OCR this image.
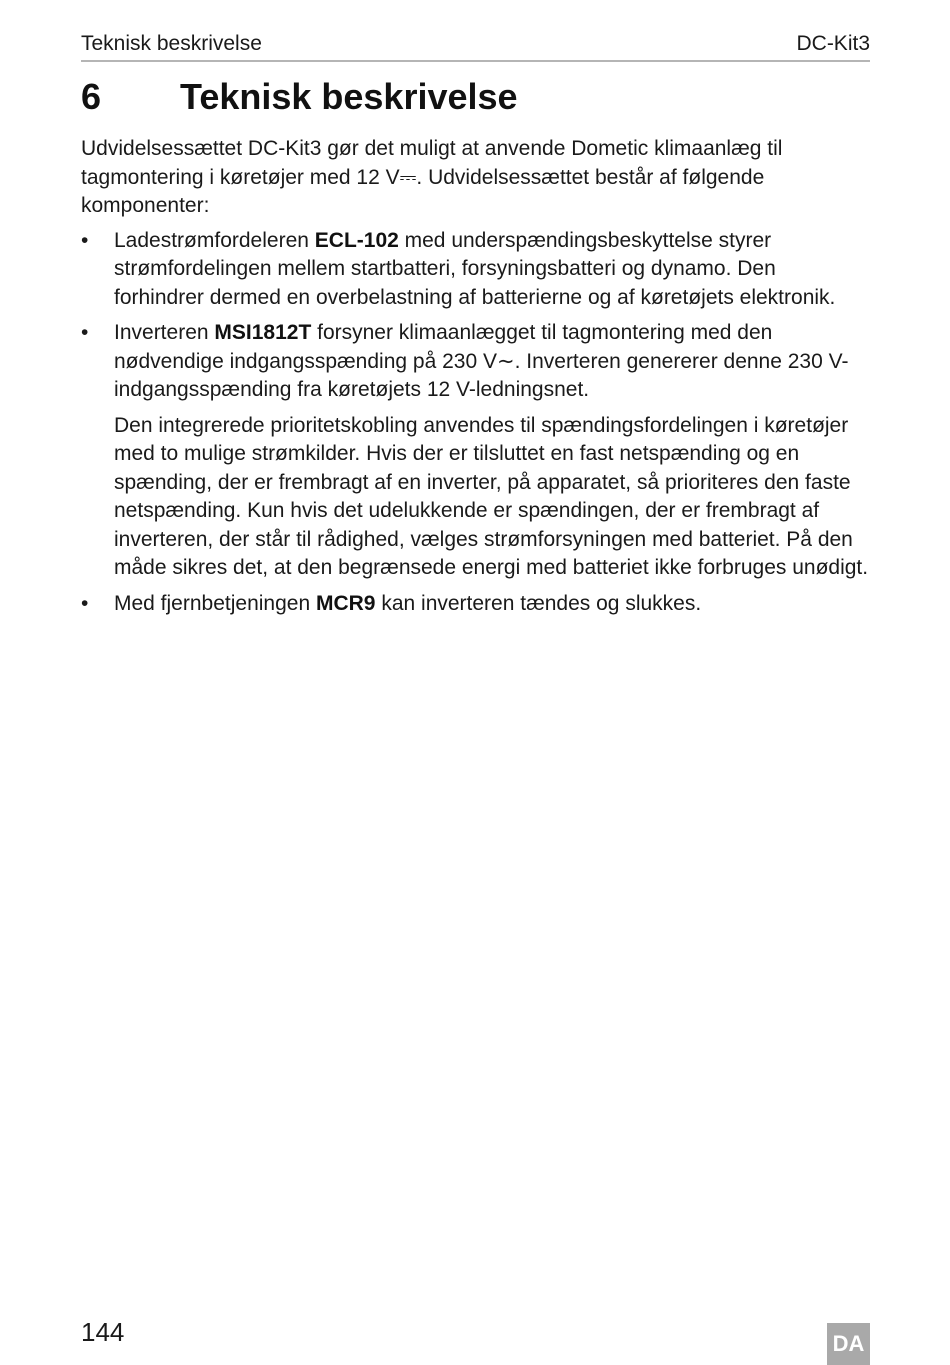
Teknisk beskrivelse	DC-Kit3
6 Teknisk beskrivelse

Udvidelsessættet DC-Kit3 gør det muligt at anvende Dometic klimaanlæg til tagmontering i køretøjer med 12 V⎓. Udvidelsessættet består af følgende komponenter:

• Ladestrømfordeleren ECL-102 med underspændingsbeskyttelse styrer strømfordelingen mellem startbatteri, forsyningsbatteri og dynamo. Den forhindrer dermed en overbelastning af batterierne og af køretøjets elektronik.
• Inverteren MSI1812T forsyner klimaanlægget til tagmontering med den nødvendige indgangsspænding på 230 V∼. Inverteren genererer denne 230 V-indgangsspænding fra køretøjets 12 V-ledningsnet.

Den integrerede prioritetskobling anvendes til spændingsfordelingen i køretøjer med to mulige strømkilder. Hvis der er tilsluttet en fast netspænding og en spænding, der er frembragt af en inverter, på apparatet, så prioriteres den faste netspænding. Kun hvis det udelukkende er spændingen, der er frembragt af inverteren, der står til rådighed, vælges strømforsyningen med batteriet. På den måde sikres det, at den begrænsede energi med batteriet ikke forbruges unødigt.

• Med fjernbetjeningen MCR9 kan inverteren tændes og slukkes.
144	DA
